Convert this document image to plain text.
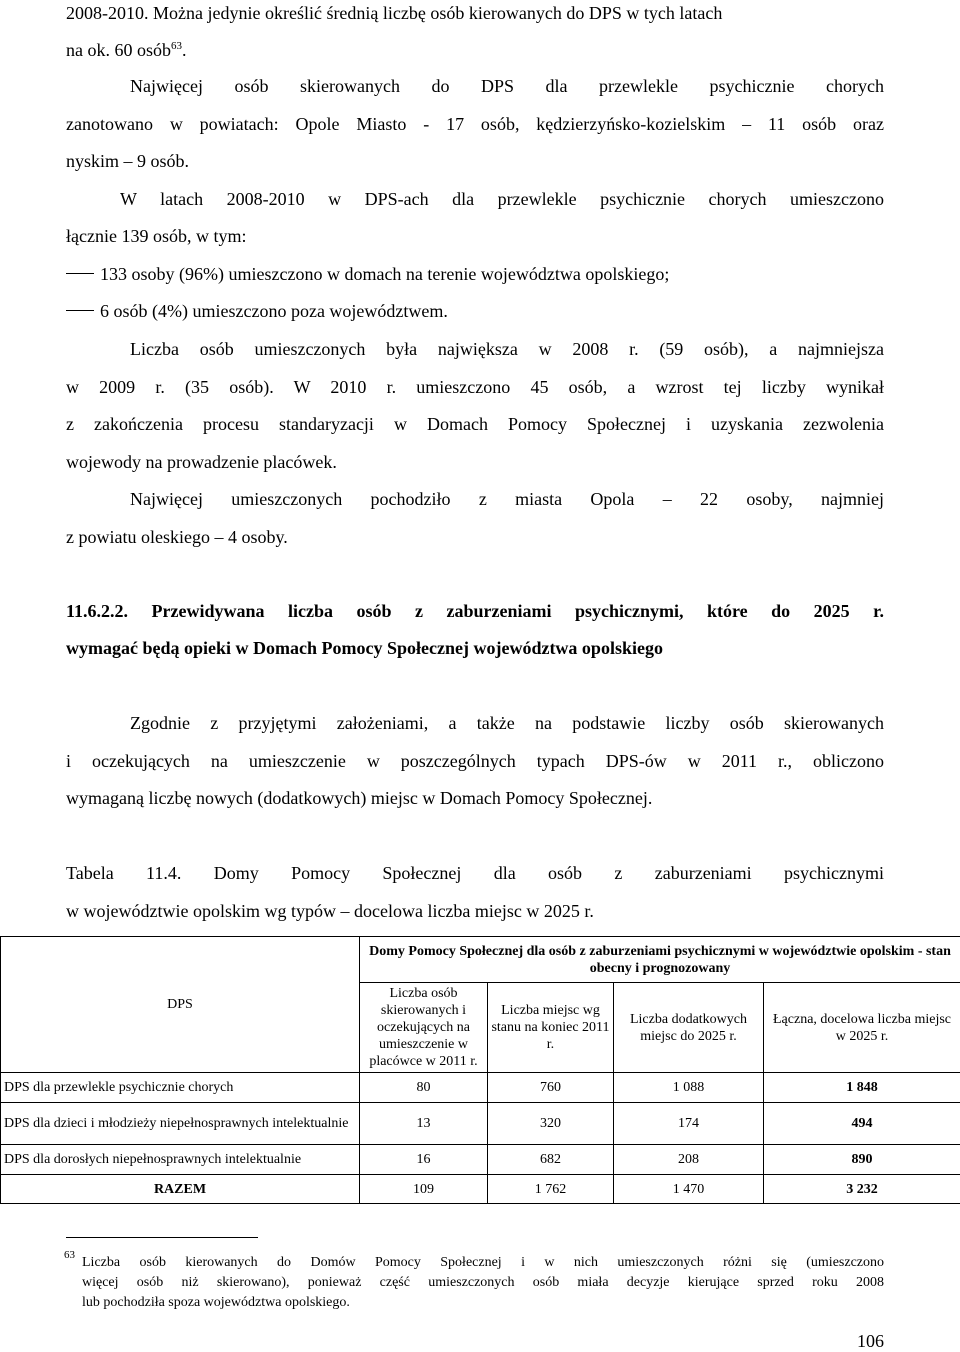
2008-2010. Można jedynie określić średnią liczbę osób kierowanych do DPS w tych latach
na ok. 60 osób$^{63}$.
Najwięcej osób skierowanych do DPS dla przewlekle psychicznie chorych
zanotowano w powiatach: Opole Miasto - 17 osób, kędzierzyńsko-kozielskim – 11 osób oraz
nyskim – 9 osób.
W latach 2008-2010 w DPS-ach dla przewlekle psychicznie chorych umieszczono
łącznie 139 osób, w tym:
133 osoby (96%) umieszczono w domach na terenie województwa opolskiego;
6 osób (4%) umieszczono poza województwem.
Liczba osób umieszczonych była największa w 2008 r. (59 osób), a najmniejsza
w 2009 r. (35 osób). W 2010 r. umieszczono 45 osób, a wzrost tej liczby wynikał
z zakończenia procesu standaryzacji w Domach Pomocy Społecznej i uzyskania zezwolenia
wojewody na prowadzenie placówek.
Najwięcej umieszczonych pochodziło z miasta Opola – 22 osoby, najmniej
z powiatu oleskiego – 4 osoby.
11.6.2.2. Przewidywana liczba osób z zaburzeniami psychicznymi, które do 2025 r.
wymagać będą opieki w Domach Pomocy Społecznej województwa opolskiego
Zgodnie z przyjętymi założeniami, a także na podstawie liczby osób skierowanych
i oczekujących na umieszczenie w poszczególnych typach DPS-ów w 2011 r., obliczono
wymaganą liczbę nowych (dodatkowych) miejsc w Domach Pomocy Społecznej.
Tabela 11.4. Domy Pomocy Społecznej dla osób z zaburzeniami psychicznymi
w województwie opolskim wg typów – docelowa liczba miejsc w 2025 r.
DPS	Domy Pomocy Społecznej dla osób z zaburzeniami psychicznymi w województwie opolskim - stan obecny i prognozowany			
	Liczba osób skierowanych i oczekujących na umieszczenie w placówce w 2011 r.	Liczba miejsc wg stanu na koniec 2011 r.	Liczba dodatkowych miejsc do 2025 r.	Łączna, docelowa liczba miejsc w 2025 r.
DPS dla przewlekle psychicznie chorych	80	760	1 088	1 848
DPS dla dzieci i młodzieży niepełnosprawnych intelektualnie	13	320	174	494
DPS dla dorosłych niepełnosprawnych intelektualnie	16	682	208	890
RAZEM	109	1 762	1 470	3 232
63 Liczba osób kierowanych do Domów Pomocy Społecznej i w nich umieszczonych różni się (umieszczono
więcej osób niż skierowano), ponieważ część umieszczonych osób miała decyzje kierujące sprzed roku 2008
lub pochodziła spoza województwa opolskiego.
106
